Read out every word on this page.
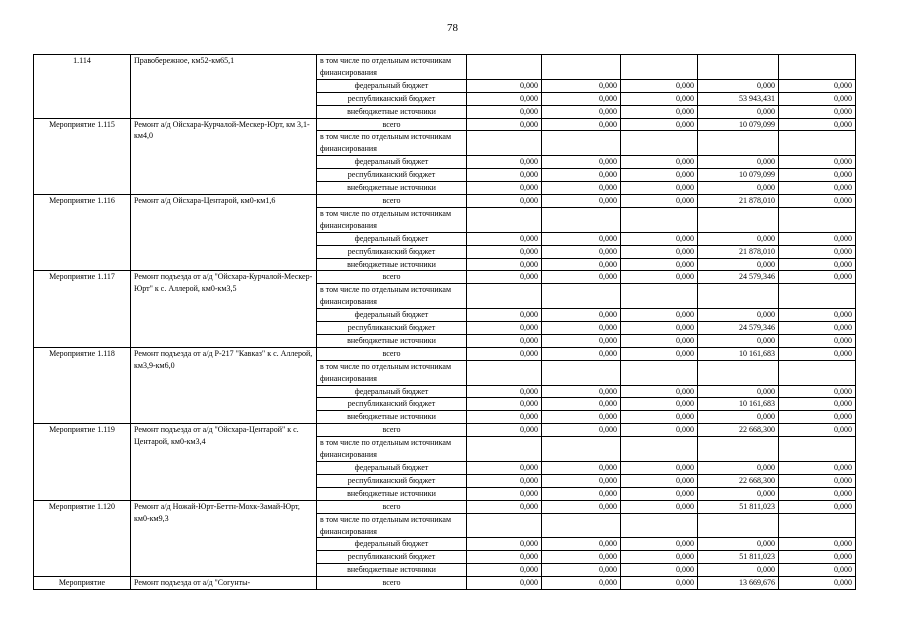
78
1.114	Правобережное, км52-км65,1	в том числе по отдельным источникам финансирования					

		федеральный бюджет	0,000	0,000	0,000	0,000	0,000
		республиканский бюджет	0,000	0,000	0,000	53 943,431	0,000
		внебюджетные источники	0,000	0,000	0,000	0,000	0,000
Мероприятие 1.115	Ремонт а/д Ойсхара-Курчалой-Мескер-Юрт, км 3,1-км4,0	всего	0,000	0,000	0,000	10 079,099	0,000

		в том числе по отдельным источникам финансирования					

		федеральный бюджет	0,000	0,000	0,000	0,000	0,000
		республиканский бюджет	0,000	0,000	0,000	10 079,099	0,000
		внебюджетные источники	0,000	0,000	0,000	0,000	0,000
Мероприятие 1.116	Ремонт а/д Ойсхара-Центарой, км0-км1,6	всего	0,000	0,000	0,000	21 878,010	0,000

		в том числе по отдельным источникам финансирования					

		федеральный бюджет	0,000	0,000	0,000	0,000	0,000
		республиканский бюджет	0,000	0,000	0,000	21 878,010	0,000
		внебюджетные источники	0,000	0,000	0,000	0,000	0,000
Мероприятие 1.117	Ремонт подъезда от а/д "Ойсхара-Курчалой-Мескер-Юрт" к с. Аллерой, км0-км3,5	всего	0,000	0,000	0,000	24 579,346	0,000

		в том числе по отдельным источникам финансирования					

		федеральный бюджет	0,000	0,000	0,000	0,000	0,000
		республиканский бюджет	0,000	0,000	0,000	24 579,346	0,000
		внебюджетные источники	0,000	0,000	0,000	0,000	0,000
Мероприятие 1.118	Ремонт подъезда от а/д Р-217 "Кавказ" к с. Аллерой, км3,9-км6,0	всего	0,000	0,000	0,000	10 161,683	0,000

		в том числе по отдельным источникам финансирования					

		федеральный бюджет	0,000	0,000	0,000	0,000	0,000
		республиканский бюджет	0,000	0,000	0,000	10 161,683	0,000
		внебюджетные источники	0,000	0,000	0,000	0,000	0,000
Мероприятие 1.119	Ремонт подъезда от а/д "Ойсхара-Центарой" к с. Центарой, км0-км3,4	всего	0,000	0,000	0,000	22 668,300	0,000

		в том числе по отдельным источникам финансирования					

		федеральный бюджет	0,000	0,000	0,000	0,000	0,000
		республиканский бюджет	0,000	0,000	0,000	22 668,300	0,000
		внебюджетные источники	0,000	0,000	0,000	0,000	0,000
Мероприятие 1.120	Ремонт а/д Ножай-Юрт-Беттн-Мохк-Замай-Юрт, км0-км9,3	всего	0,000	0,000	0,000	51 811,023	0,000

		в том числе по отдельным источникам финансирования					

		федеральный бюджет	0,000	0,000	0,000	0,000	0,000
		республиканский бюджет	0,000	0,000	0,000	51 811,023	0,000
		внебюджетные источники	0,000	0,000	0,000	0,000	0,000
Мероприятие	Ремонт подъезда от а/д "Согунты-	всего	0,000	0,000	0,000	13 669,676	0,000
